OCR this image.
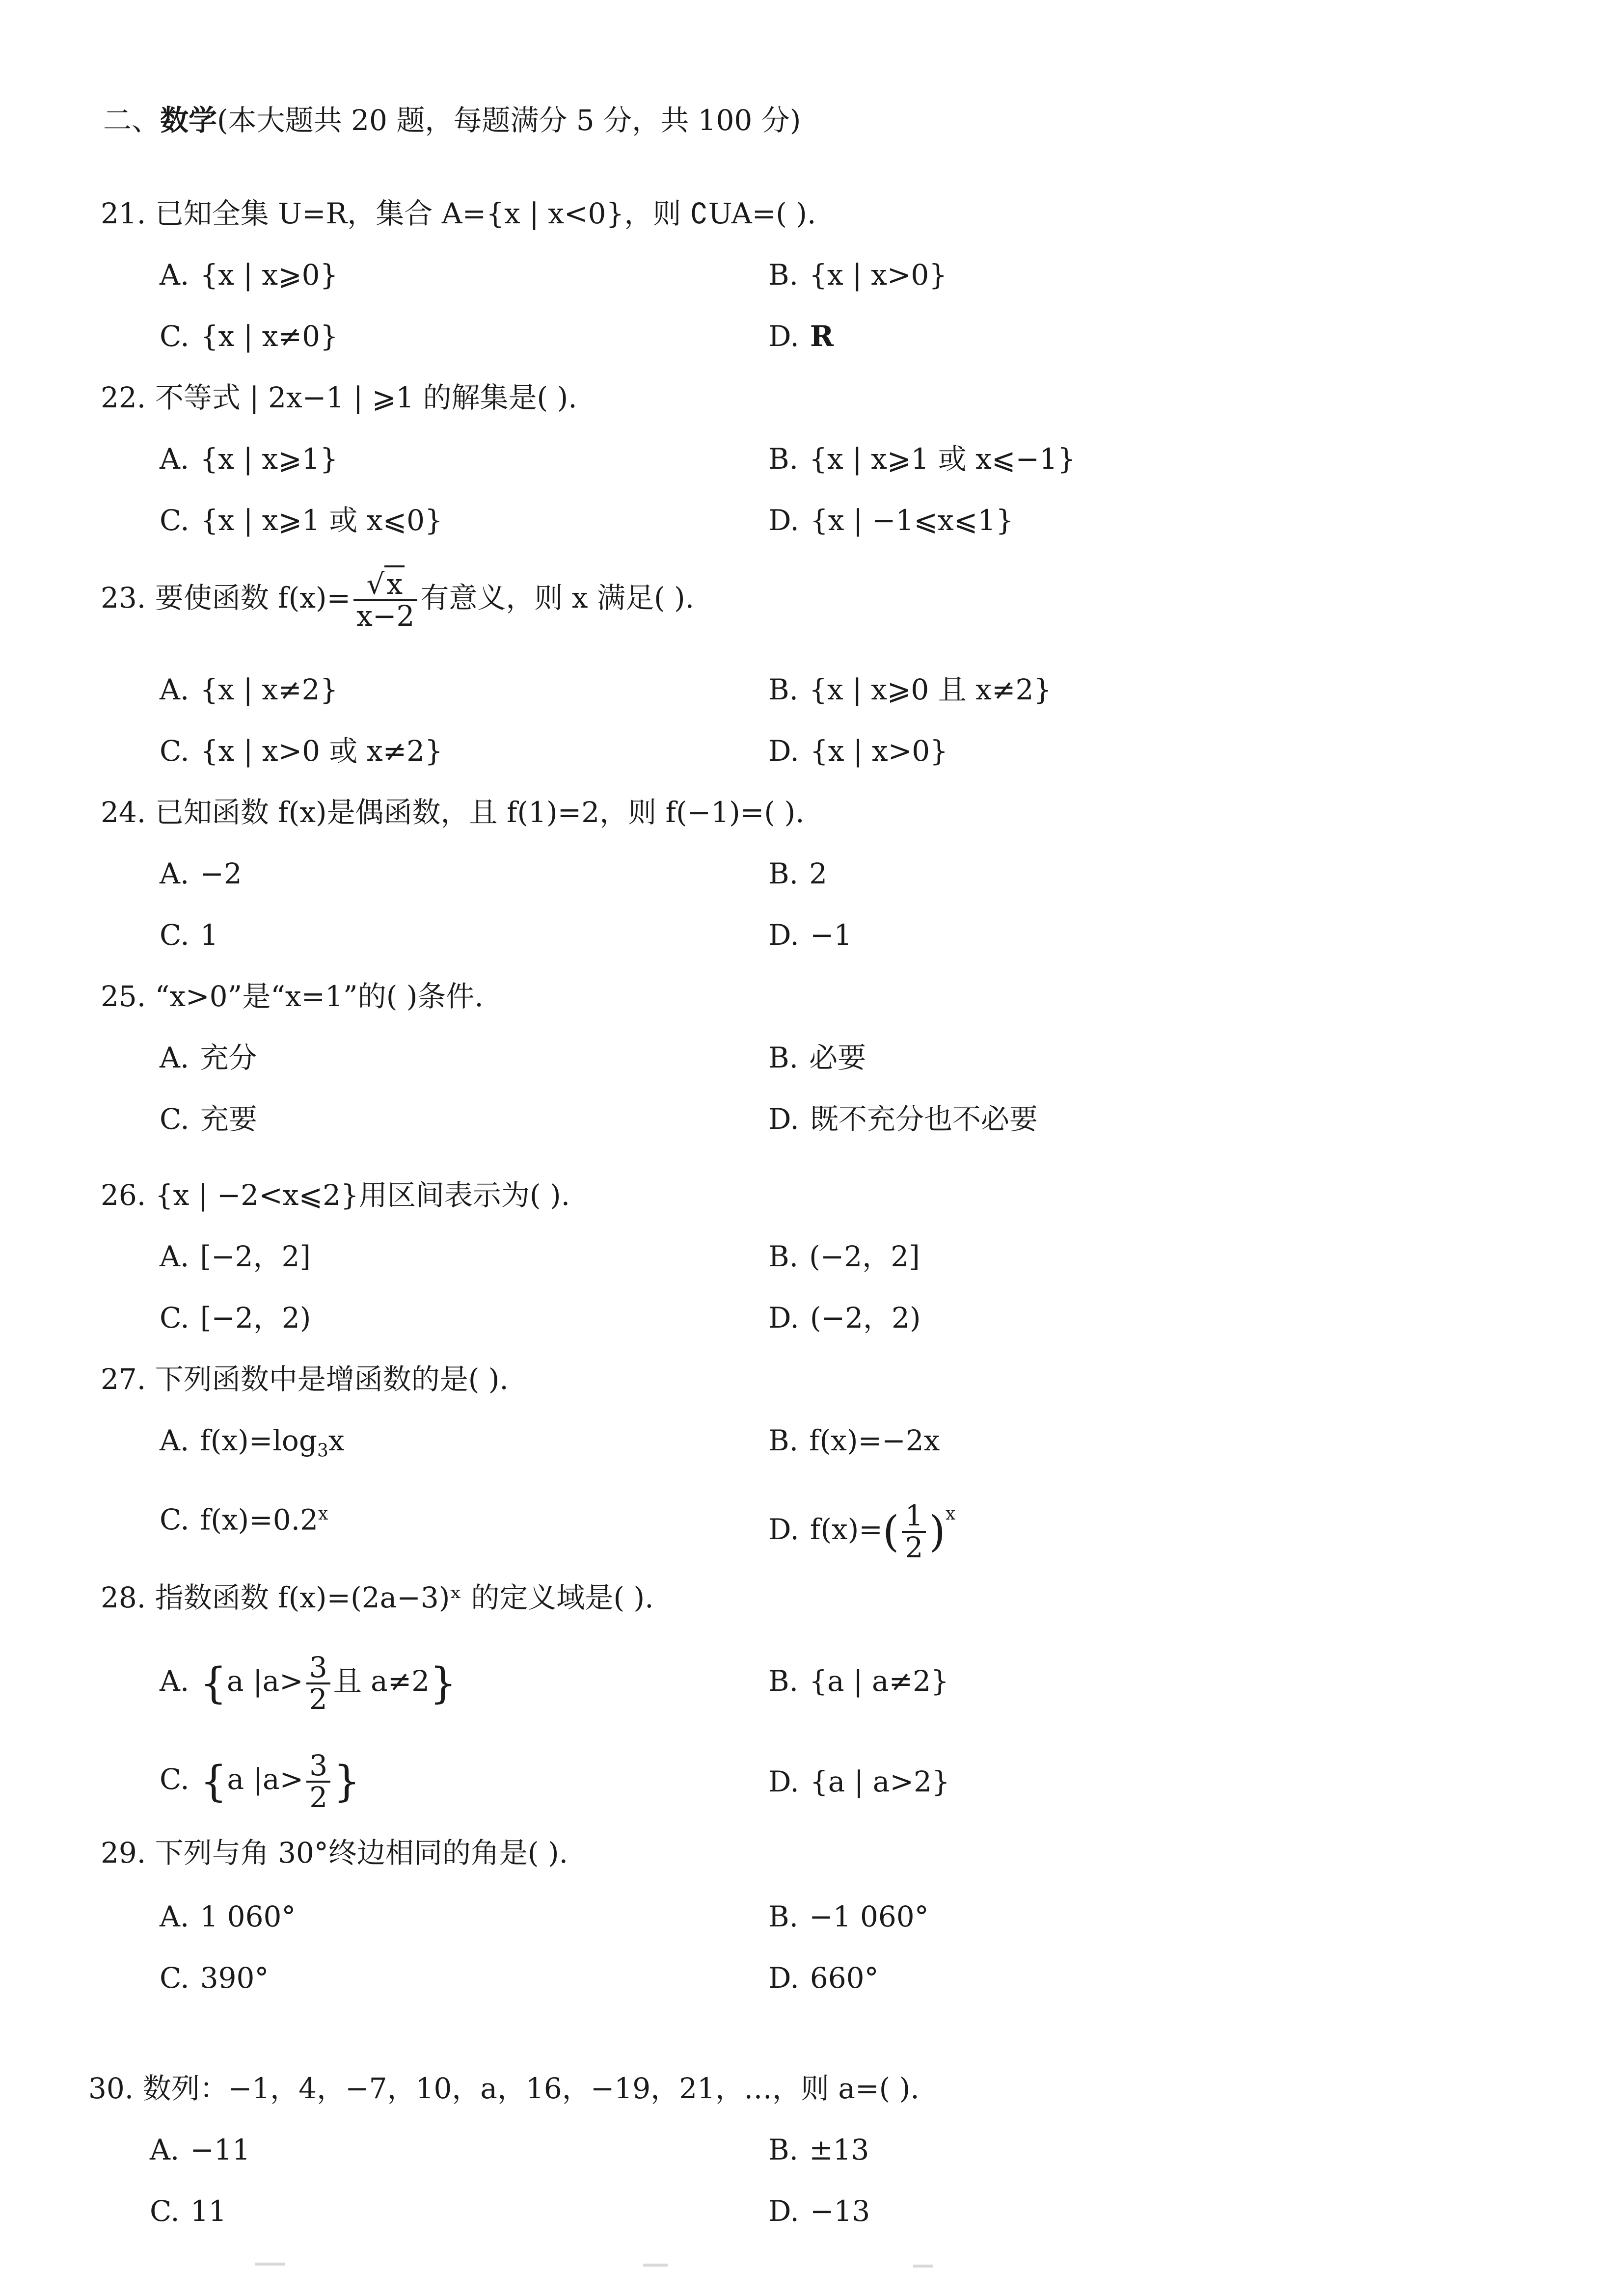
二、数学(本大题共 20 题，每题满分 5 分，共 100 分)
21. 已知全集 U=R，集合 A={x | x<0}，则 ∁UA=( ).
A. {x | x⩾0}	B. {x | x>0}
C. {x | x≠0}	D. R
22. 不等式 | 2x−1 | ⩾1 的解集是( ).
A. {x | x⩾1}	B. {x | x⩾1 或 x⩽−1}
C. {x | x⩾1 或 x⩽0}	D. {x | −1⩽x⩽1}
23. 要使函数 $f(x)= \frac{√x}{x-2}$ 有意义，则 x 满足( ).
A. {x | x≠2}	B. {x | x⩾0 且 x≠2}
C. {x | x>0 或 x≠2}	D. {x | x>0}
24. 已知函数 f(x)是偶函数，且 f(1)=2，则 f(−1)=( ).
A. −2	B. 2
C. 1	D. −1
25. “x>0”是“x=1”的( )条件.
A. 充分	B. 必要
C. 充要	D. 既不充分也不必要
26. {x | −2<x⩽2}用区间表示为( ).
A. [−2，2]	B. (−2，2]
C. [−2，2)	D. (−2，2)
27. 下列函数中是增函数的是( ).
A. $f(x)=\log_3x$	B. f(x)=−2x
C. $f(x)=0.2^x$	D. $f(x)=( \frac{1}{2} )^x$
28. 指数函数 f(x)=(2a−3)ˣ 的定义域是( ).
A. {a $|a> \frac{3}{2}$ 且 a≠2}	B. {a | a≠2}
C. {a $|a> \frac{3}{2}$ }	D. {a | a>2}
29. 下列与角 30°终边相同的角是( ).
A. 1 060°	B. −1 060°
C. 390°	D. 660°
30. 数列：−1，4，−7，10，a，16，−19，21，…，则 a=( ).
A. −11	B. ±13
C. 11	D. −13
